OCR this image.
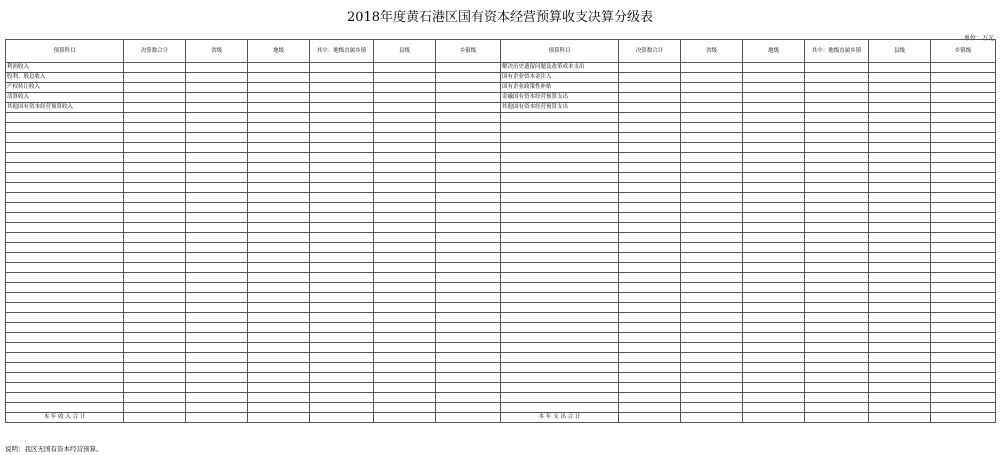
2018年度黄石港区国有资本经营预算收支决算分级表
单位：万元
预算科目	决算数合计	省级	地级	其中：地级直属乡镇	县级	乡镇级	预算科目	决算数合计	省级	地级	其中：地级直属乡镇	县级	乡镇级
利润收入							解决历史遗留问题及改革成本支出						
股利、股息收入							国有企业资本金注入						
产权转让收入							国有企业政策性补贴						
清算收入							金融国有资本经营预算支出						
其他国有资本经营预算收入							其他国有资本经营预算支出						

本 年 收 入 合 计							本 年 支 出 合 计						
说明：我区无国有资本经营预算。
